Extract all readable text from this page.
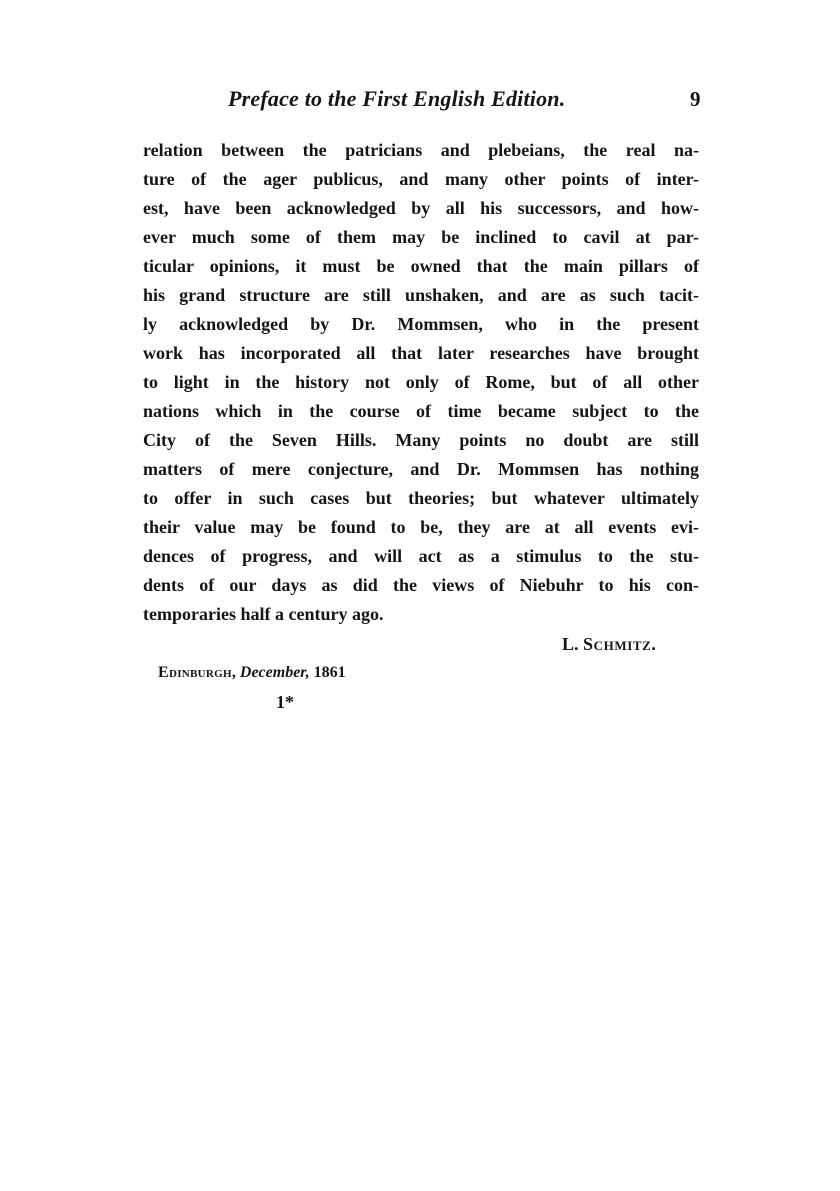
Preface to the First English Edition.	9
relation between the patricians and plebeians, the real na-
ture of the ager publicus, and many other points of inter-
est, have been acknowledged by all his successors, and how-
ever much some of them may be inclined to cavil at par-
ticular opinions, it must be owned that the main pillars of
his grand structure are still unshaken, and are as such tacit-
ly acknowledged by Dr. Mommsen, who in the present
work has incorporated all that later researches have brought
to light in the history not only of Rome, but of all other
nations which in the course of time became subject to the
City of the Seven Hills. Many points no doubt are still
matters of mere conjecture, and Dr. Mommsen has nothing
to offer in such cases but theories; but whatever ultimately
their value may be found to be, they are at all events evi-
dences of progress, and will act as a stimulus to the stu-
dents of our days as did the views of Niebuhr to his con-
temporaries half a century ago.
L. Schmitz.
Edinburgh, December, 1861
1*
